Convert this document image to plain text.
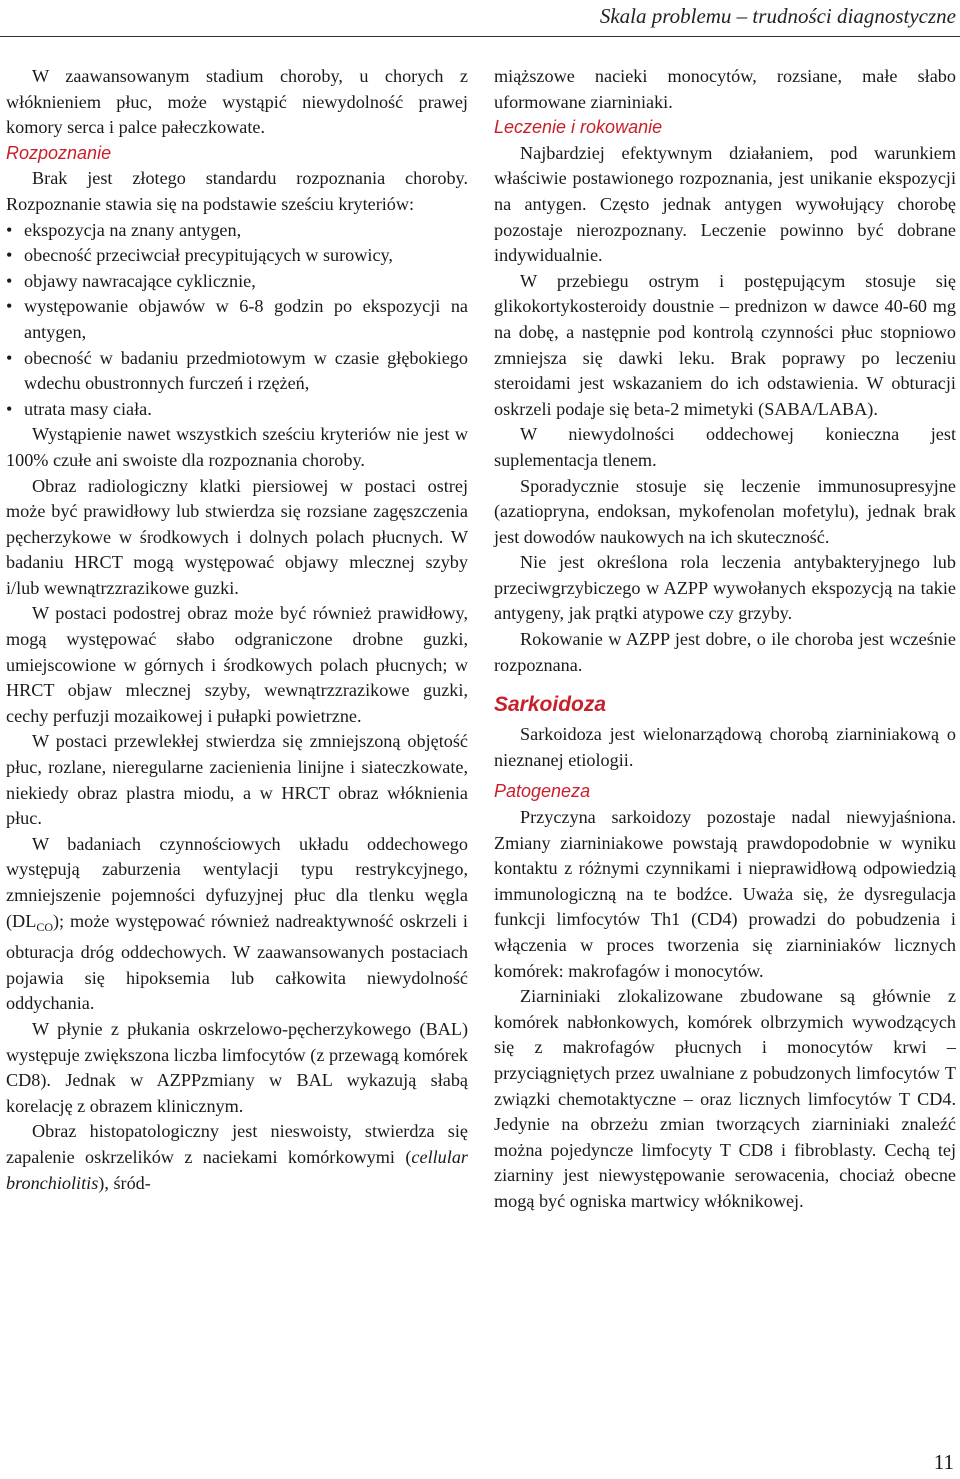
Skala problemu – trudności diagnostyczne

W zaawansowanym stadium choroby, u chorych z włóknieniem płuc, może wystąpić niewydolność prawej komory serca i palce pałeczkowate.

Rozpoznanie

Brak jest złotego standardu rozpoznania choroby. Rozpoznanie stawia się na podstawie sześciu kryteriów:

• ekspozycja na znany antygen,
• obecność przeciwciał precypitujących w surowicy,
• objawy nawracające cyklicznie,
• występowanie objawów w 6-8 godzin po ekspozycji na antygen,
• obecność w badaniu przedmiotowym w czasie głębokiego wdechu obustronnych furczeń i rzężeń,
• utrata masy ciała.

Wystąpienie nawet wszystkich sześciu kryteriów nie jest w 100% czułe ani swoiste dla rozpoznania choroby.

Obraz radiologiczny klatki piersiowej w postaci ostrej może być prawidłowy lub stwierdza się rozsiane zagęszczenia pęcherzykowe w środkowych i dolnych polach płucnych. W badaniu HRCT mogą występować objawy mlecznej szyby i/lub wewnątrzzrazikowe guzki.

W postaci podostrej obraz może być również prawidłowy, mogą występować słabo odgraniczone drobne guzki, umiejscowione w górnych i środkowych polach płucnych; w HRCT objaw mlecznej szyby, wewnątrzzrazikowe guzki, cechy perfuzji mozaikowej i pułapki powietrzne.

W postaci przewlekłej stwierdza się zmniejszoną objętość płuc, rozlane, nieregularne zacienienia linijne i siateczkowate, niekiedy obraz plastra miodu, a w HRCT obraz włóknienia płuc.

W badaniach czynnościowych układu oddechowego występują zaburzenia wentylacji typu restrykcyjnego, zmniejszenie pojemności dyfuzyjnej płuc dla tlenku węgla $(DL_{CO})$; może występować również nadreaktywność oskrzeli i obturacja dróg oddechowych. W zaawansowanych postaciach pojawia się hipoksemia lub całkowita niewydolność oddychania.

W płynie z płukania oskrzelowo-pęcherzykowego (BAL) występuje zwiększona liczba limfocytów (z przewagą komórek CD8). Jednak w AZPPzmiany w BAL wykazują słabą korelację z obrazem klinicznym.

Obraz histopatologiczny jest nieswoisty, stwierdza się zapalenie oskrzelików z naciekami komórkowymi (cellular bronchiolitis), śród-

miąższowe nacieki monocytów, rozsiane, małe słabo uformowane ziarniniaki.

Leczenie i rokowanie

Najbardziej efektywnym działaniem, pod warunkiem właściwie postawionego rozpoznania, jest unikanie ekspozycji na antygen. Często jednak antygen wywołujący chorobę pozostaje nierozpoznany. Leczenie powinno być dobrane indywidualnie.

W przebiegu ostrym i postępującym stosuje się glikokortykosteroidy doustnie – prednizon w dawce 40-60 mg na dobę, a następnie pod kontrolą czynności płuc stopniowo zmniejsza się dawki leku. Brak poprawy po leczeniu steroidami jest wskazaniem do ich odstawienia. W obturacji oskrzeli podaje się beta-2 mimetyki (SABA/LABA).

W niewydolności oddechowej konieczna jest suplementacja tlenem.

Sporadycznie stosuje się leczenie immunosupresyjne (azatiopryna, endoksan, mykofenolan mofetylu), jednak brak jest dowodów naukowych na ich skuteczność.

Nie jest określona rola leczenia antybakteryjnego lub przeciwgrzybiczego w AZPP wywołanych ekspozycją na takie antygeny, jak prątki atypowe czy grzyby.

Rokowanie w AZPP jest dobre, o ile choroba jest wcześnie rozpoznana.

Sarkoidoza

Sarkoidoza jest wielonarządową chorobą ziarniniakową o nieznanej etiologii.

Patogeneza

Przyczyna sarkoidozy pozostaje nadal niewyjaśniona. Zmiany ziarniniakowe powstają prawdopodobnie w wyniku kontaktu z różnymi czynnikami i nieprawidłową odpowiedzią immunologiczną na te bodźce. Uważa się, że dysregulacja funkcji limfocytów Th1 (CD4) prowadzi do pobudzenia i włączenia w proces tworzenia się ziarniniaków licznych komórek: makrofagów i monocytów.

Ziarniniaki zlokalizowane zbudowane są głównie z komórek nabłonkowych, komórek olbrzymich wywodzących się z makrofagów płucnych i monocytów krwi – przyciągniętych przez uwalniane z pobudzonych limfocytów T związki chemotaktyczne – oraz licznych limfocytów T CD4. Jedynie na obrzeżu zmian tworzących ziarniniaki znaleźć można pojedyncze limfocyty T CD8 i fibroblasty. Cechą tej ziarniny jest niewystępowanie serowacenia, chociaż obecne mogą być ogniska martwicy włóknikowej.

11
